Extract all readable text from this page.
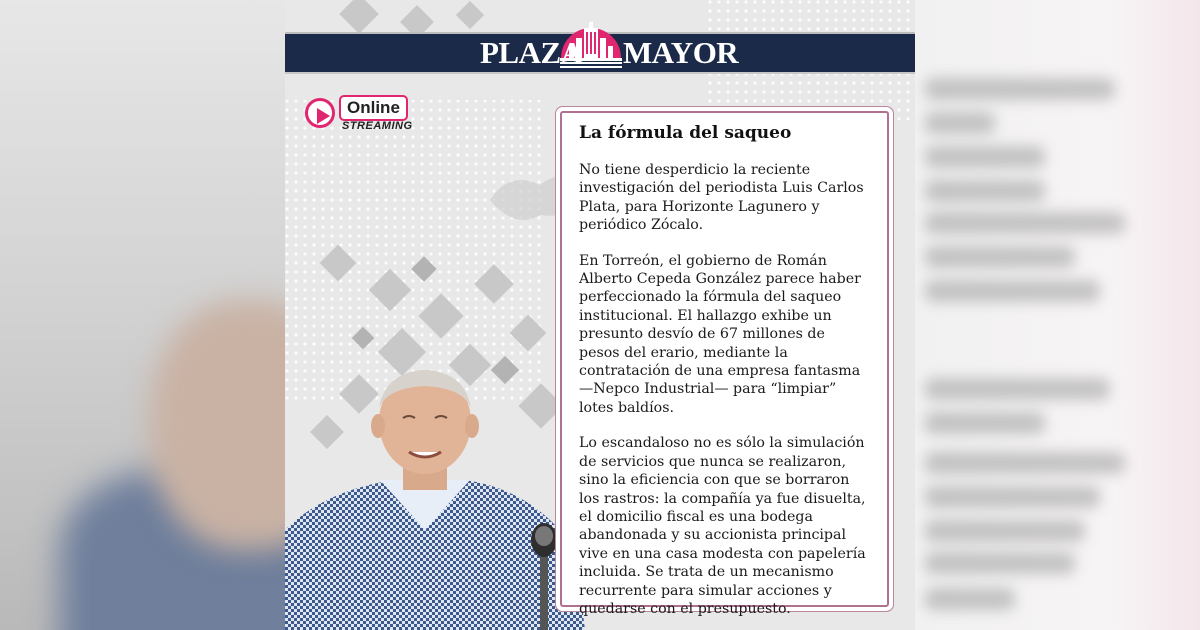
PLAZA MAYOR
Online
STREAMING	La fórmula del saqueo

No tiene desperdicio la reciente investigación del periodista Luis Carlos Plata, para Horizonte Lagunero y periódico Zócalo.

En Torreón, el gobierno de Román Alberto Cepeda González parece haber perfeccionado la fórmula del saqueo institucional. El hallazgo exhibe un presunto desvío de 67 millones de pesos del erario, mediante la contratación de una empresa fantasma —Nepco Industrial— para “limpiar” lotes baldíos.

Lo escandaloso no es sólo la simulación de servicios que nunca se realizaron, sino la eficiencia con que se borraron los rastros: la compañía ya fue disuelta, el domicilio fiscal es una bodega abandonada y su accionista principal vive en una casa modesta con papelería incluida. Se trata de un mecanismo recurrente para simular acciones y quedarse con el presupuesto.
